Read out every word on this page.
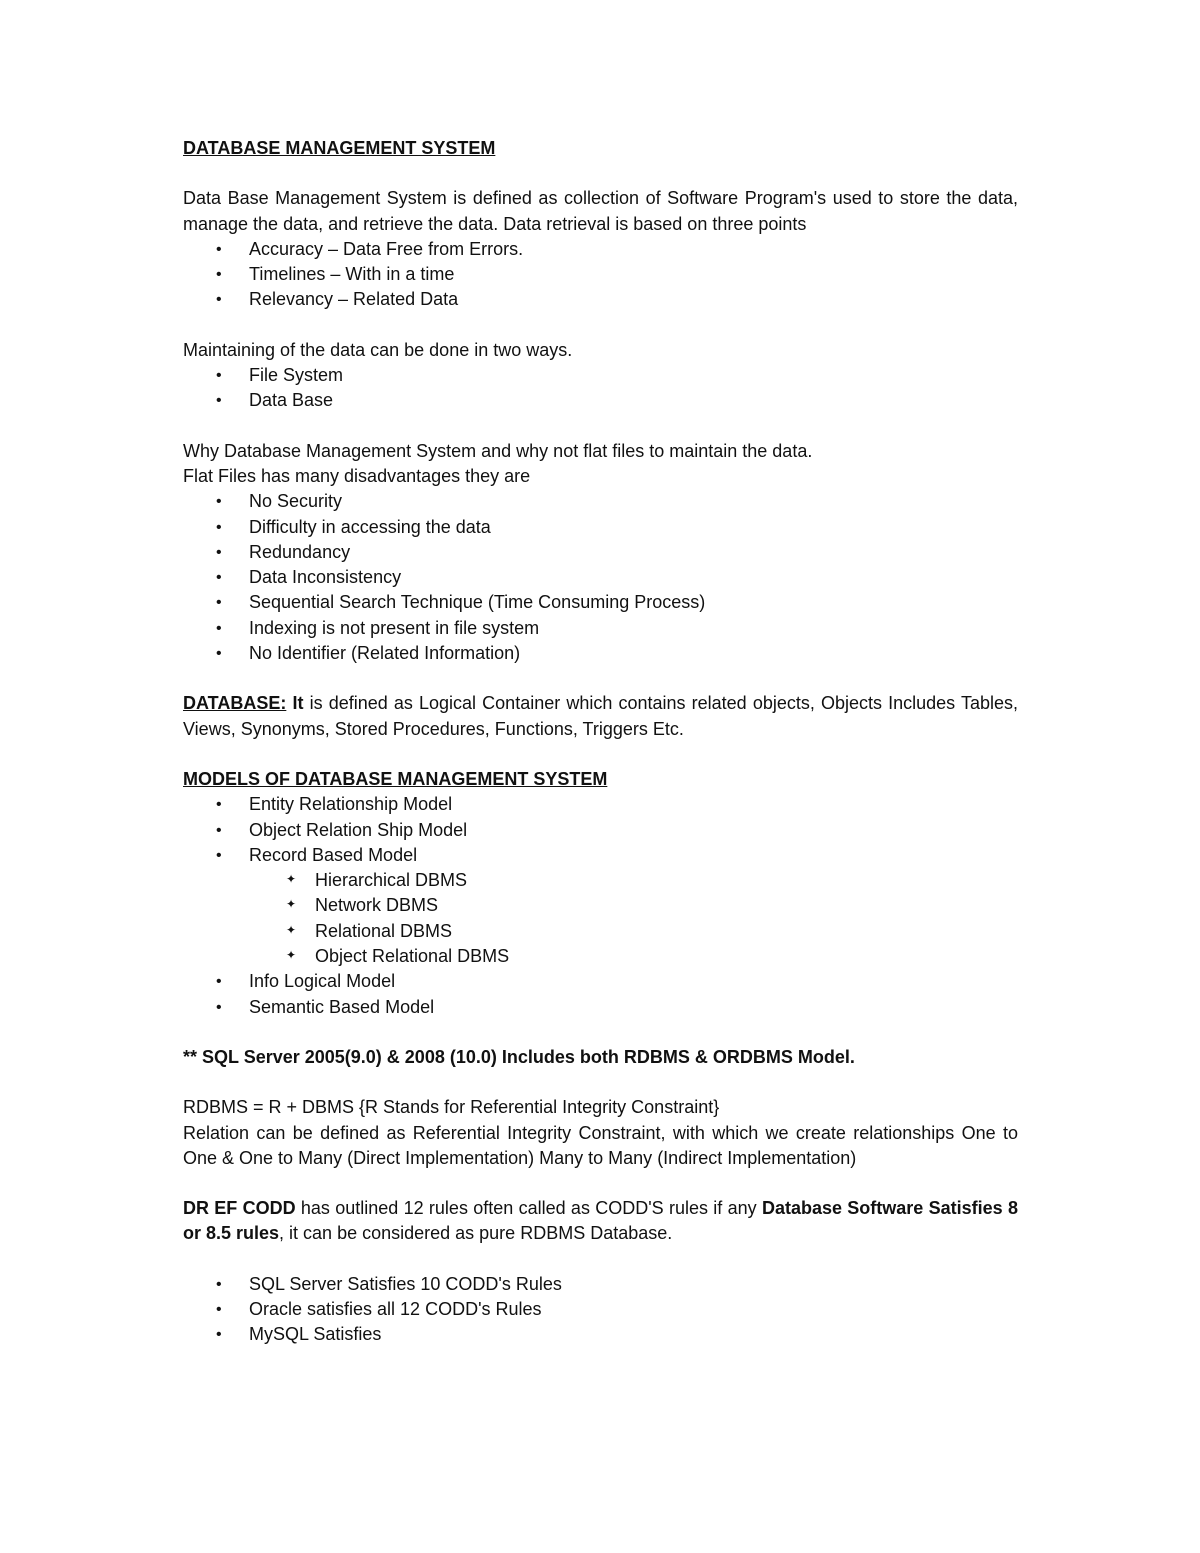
DATABASE MANAGEMENT SYSTEM

Data Base Management System is defined as collection of Software Program's used to store the data, manage the data, and retrieve the data. Data retrieval is based on three points

• Accuracy – Data Free from Errors.
• Timelines – With in a time
• Relevancy – Related Data

Maintaining of the data can be done in two ways.

• File System
• Data Base

Why Database Management System and why not flat files to maintain the data.

Flat Files has many disadvantages they are

• No Security
• Difficulty in accessing the data
• Redundancy
• Data Inconsistency
• Sequential Search Technique (Time Consuming Process)
• Indexing is not present in file system
• No Identifier (Related Information)

DATABASE: It is defined as Logical Container which contains related objects, Objects Includes Tables, Views, Synonyms, Stored Procedures, Functions, Triggers Etc.

MODELS OF DATABASE MANAGEMENT SYSTEM

• Entity Relationship Model
• Object Relation Ship Model
• Record Based Model
✦ Hierarchical DBMS
✦ Network DBMS
✦ Relational DBMS
✦ Object Relational DBMS
• Info Logical Model
• Semantic Based Model

** SQL Server 2005(9.0) & 2008 (10.0) Includes both RDBMS & ORDBMS Model.

RDBMS = R + DBMS {R Stands for Referential Integrity Constraint}

Relation can be defined as Referential Integrity Constraint, with which we create relationships One to One & One to Many (Direct Implementation) Many to Many (Indirect Implementation)

DR EF CODD has outlined 12 rules often called as CODD'S rules if any Database Software Satisfies 8 or 8.5 rules, it can be considered as pure RDBMS Database.

• SQL Server Satisfies 10 CODD's Rules
• Oracle satisfies all 12 CODD's Rules
• MySQL Satisfies
